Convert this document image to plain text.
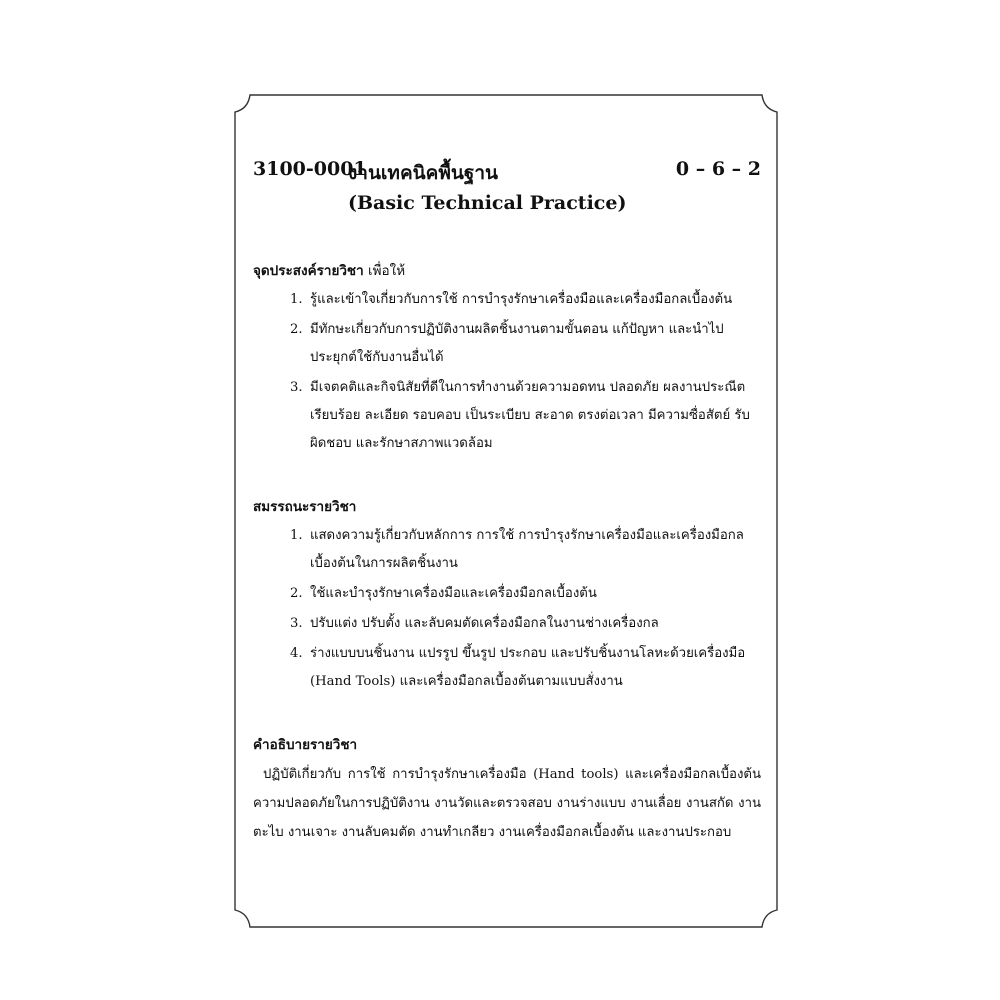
3100-0001
งานเทคนิคพื้นฐาน	0 – 6 – 2
(Basic Technical Practice)

จุดประสงค์รายวิชา เพื่อให้

1. รู้และเข้าใจเกี่ยวกับการใช้ การบำรุงรักษาเครื่องมือและเครื่องมือกลเบื้องต้น
2. มีทักษะเกี่ยวกับการปฏิบัติงานผลิตชิ้นงานตามขั้นตอน แก้ปัญหา และนำไปประยุกต์ใช้กับงานอื่นได้
3. มีเจตคติและกิจนิสัยที่ดีในการทำงานด้วยความอดทน ปลอดภัย ผลงานประณีตเรียบร้อย ละเอียด รอบคอบ เป็นระเบียบ สะอาด ตรงต่อเวลา มีความซื่อสัตย์ รับผิดชอบ และรักษาสภาพแวดล้อม

สมรรถนะรายวิชา

1. แสดงความรู้เกี่ยวกับหลักการ การใช้ การบำรุงรักษาเครื่องมือและเครื่องมือกลเบื้องต้นในการผลิตชิ้นงาน
2. ใช้และบำรุงรักษาเครื่องมือและเครื่องมือกลเบื้องต้น
3. ปรับแต่ง ปรับตั้ง และลับคมตัดเครื่องมือกลในงานช่างเครื่องกล
4. ร่างแบบบนชิ้นงาน แปรรูป ขึ้นรูป ประกอบ และปรับชิ้นงานโลหะด้วยเครื่องมือ (Hand Tools) และเครื่องมือกลเบื้องต้นตามแบบสั่งงาน

คำอธิบายรายวิชา

ปฏิบัติเกี่ยวกับ การใช้ การบำรุงรักษาเครื่องมือ (Hand tools) และเครื่องมือกลเบื้องต้น ความปลอดภัยในการปฏิบัติงาน งานวัดและตรวจสอบ งานร่างแบบ งานเลื่อย งานสกัด งานตะไบ งานเจาะ งานลับคมตัด งานทำเกลียว งานเครื่องมือกลเบื้องต้น และงานประกอบ
